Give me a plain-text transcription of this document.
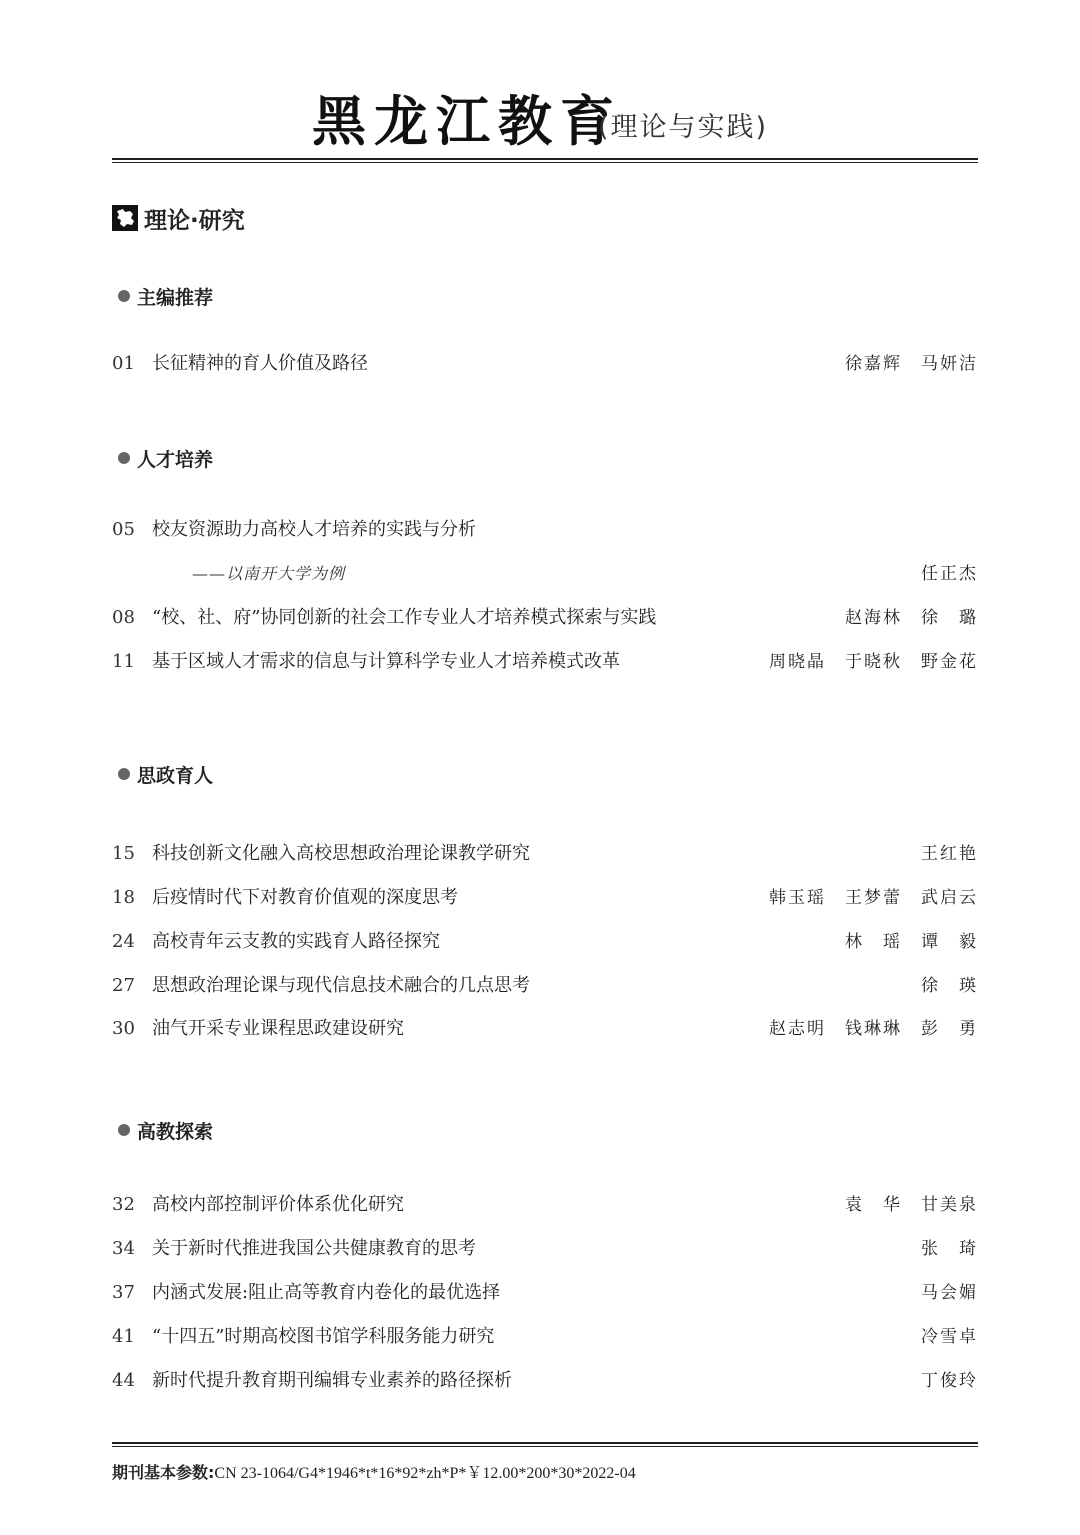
黑龙江教育
(理论与实践)
理论·研究
主编推荐
01 长征精神的育人价值及路径	徐嘉辉　马妍洁
人才培养
05 校友资源助力高校人才培养的实践与分析
——以南开大学为例	任正杰
08 “校、社、府”协同创新的社会工作专业人才培养模式探索与实践	赵海林　徐　璐
11 基于区域人才需求的信息与计算科学专业人才培养模式改革	周晓晶　于晓秋　野金花
思政育人
15 科技创新文化融入高校思想政治理论课教学研究	王红艳
18 后疫情时代下对教育价值观的深度思考	韩玉瑶　王梦蕾　武启云
24 高校青年云支教的实践育人路径探究	林　瑶　谭　毅
27 思想政治理论课与现代信息技术融合的几点思考	徐　瑛
30 油气开采专业课程思政建设研究	赵志明　钱琳琳　彭　勇
高教探索
32 高校内部控制评价体系优化研究	袁　华　甘美泉
34 关于新时代推进我国公共健康教育的思考	张　琦
37 内涵式发展:阻止高等教育内卷化的最优选择	马会媚
41 “十四五”时期高校图书馆学科服务能力研究	冷雪卓
44 新时代提升教育期刊编辑专业素养的路径探析	丁俊玲
期刊基本参数:CN 23-1064/G4*1946*t*16*92*zh*P*￥12.00*200*30*2022-04
